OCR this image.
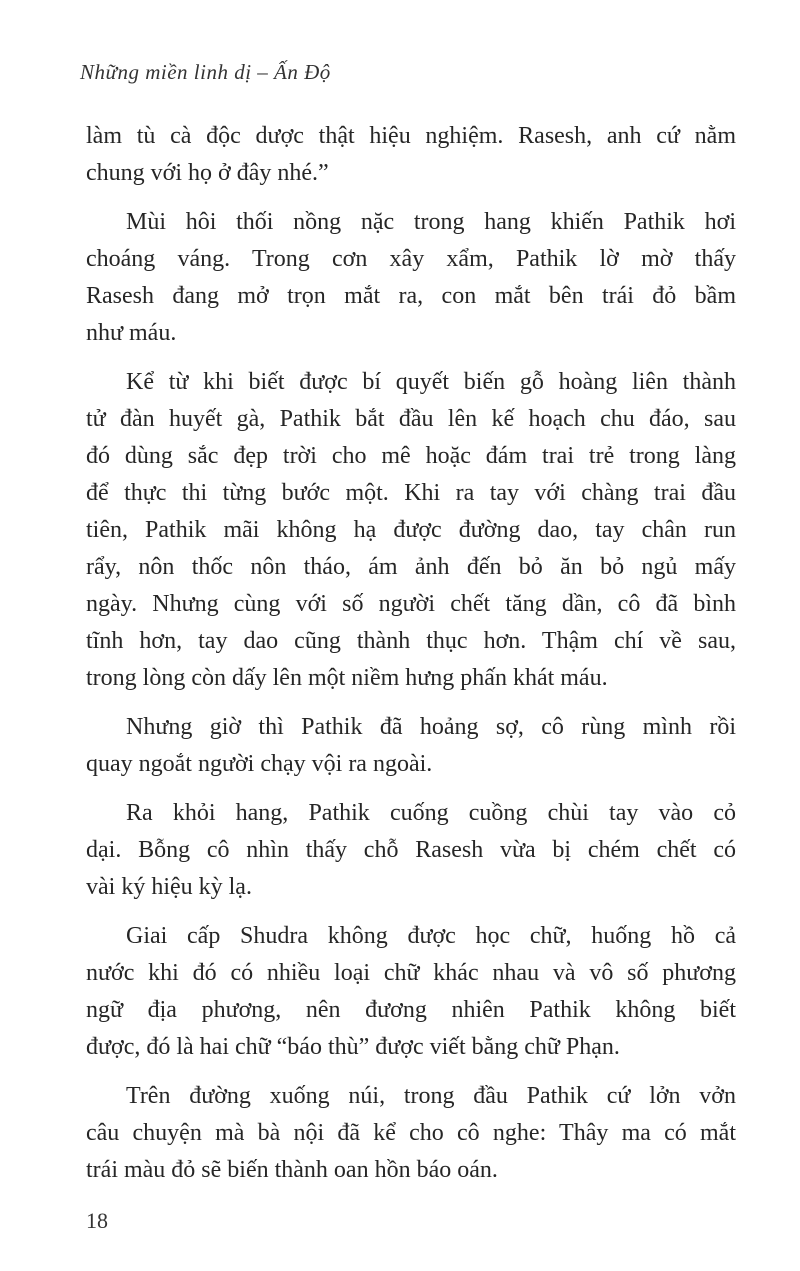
Những miền linh dị – Ấn Độ

làm tù cà độc dược thật hiệu nghiệm. Rasesh, anh cứ nằm
chung với họ ở đây nhé.”

Mùi hôi thối nồng nặc trong hang khiến Pathik hơi
choáng váng. Trong cơn xây xẩm, Pathik lờ mờ thấy
Rasesh đang mở trọn mắt ra, con mắt bên trái đỏ bầm
như máu.

Kể từ khi biết được bí quyết biến gỗ hoàng liên thành
tử đàn huyết gà, Pathik bắt đầu lên kế hoạch chu đáo, sau
đó dùng sắc đẹp trời cho mê hoặc đám trai trẻ trong làng
để thực thi từng bước một. Khi ra tay với chàng trai đầu
tiên, Pathik mãi không hạ được đường dao, tay chân run
rẩy, nôn thốc nôn tháo, ám ảnh đến bỏ ăn bỏ ngủ mấy
ngày. Nhưng cùng với số người chết tăng dần, cô đã bình
tĩnh hơn, tay dao cũng thành thục hơn. Thậm chí về sau,
trong lòng còn dấy lên một niềm hưng phấn khát máu.

Nhưng giờ thì Pathik đã hoảng sợ, cô rùng mình rồi
quay ngoắt người chạy vội ra ngoài.

Ra khỏi hang, Pathik cuống cuồng chùi tay vào cỏ
dại. Bỗng cô nhìn thấy chỗ Rasesh vừa bị chém chết có
vài ký hiệu kỳ lạ.

Giai cấp Shudra không được học chữ, huống hồ cả
nước khi đó có nhiều loại chữ khác nhau và vô số phương
ngữ địa phương, nên đương nhiên Pathik không biết
được, đó là hai chữ “báo thù” được viết bằng chữ Phạn.

Trên đường xuống núi, trong đầu Pathik cứ lởn vởn
câu chuyện mà bà nội đã kể cho cô nghe: Thây ma có mắt
trái màu đỏ sẽ biến thành oan hồn báo oán.

18
